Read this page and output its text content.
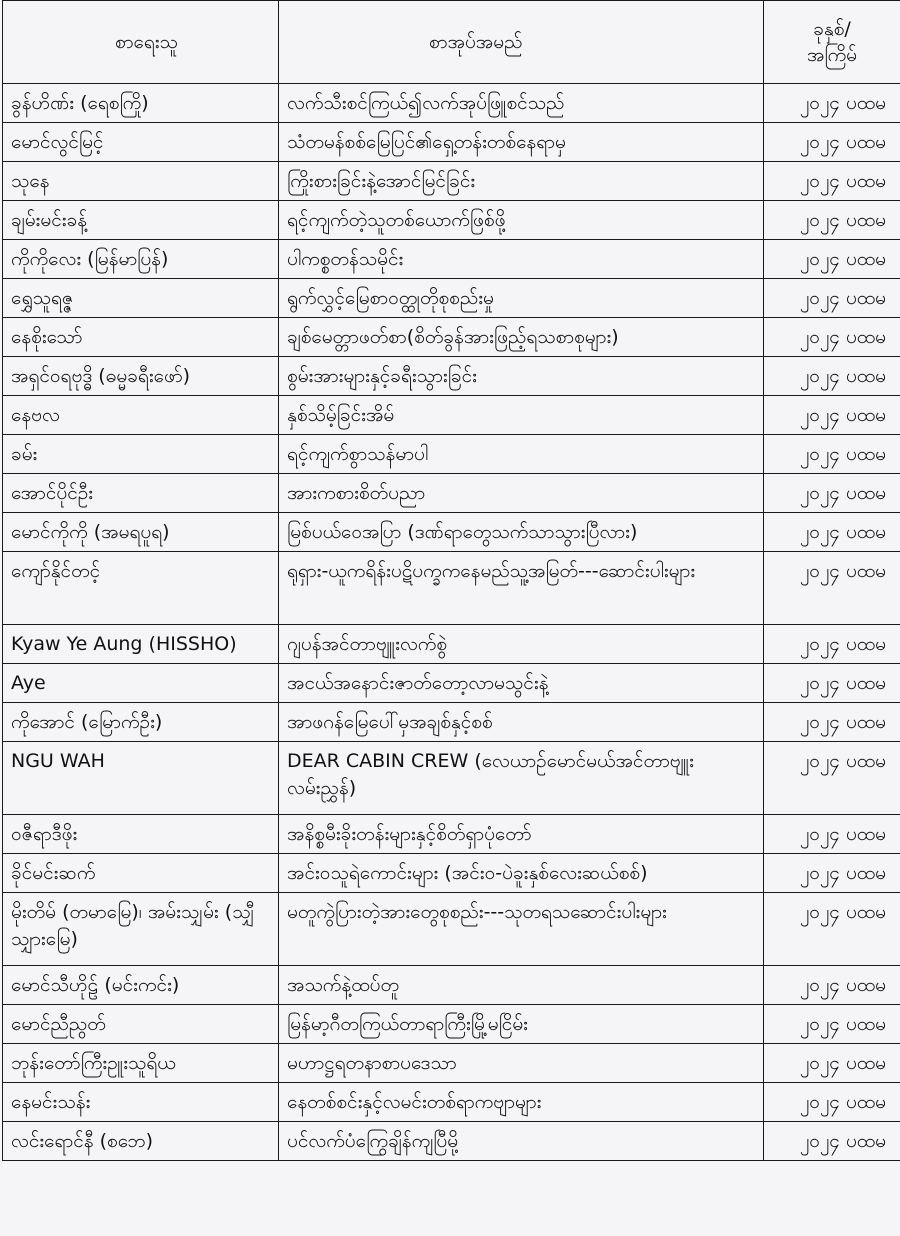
စာရေးသူ	စာအုပ်အမည်	ခုနှစ်/
အကြိမ်

ခွန်ဟိဏ်း (ရေစကြို)	လက်သီးစင်ကြယ်၍လက်အုပ်ဖြူစင်သည်	၂၀၂၄ ပထမ
မောင်လွင်မြင့်	သံတမန်စစ်မြေပြင်၏ရှေ့တန်းတစ်နေရာမှ	၂၀၂၄ ပထမ
သုနေ	ကြိုးစားခြင်းနဲ့အောင်မြင်ခြင်း	၂၀၂၄ ပထမ
ချမ်းမင်းခန့်	ရင့်ကျက်တဲ့သူတစ်ယောက်ဖြစ်ဖို့	၂၀၂၄ ပထမ
ကိုကိုလေး (မြန်မာပြန်)	ပါကစ္စတန်သမိုင်း	၂၀၂၄ ပထမ
ရွှေသူရဇ္ဇ	ရွက်လွှင့်မြေစာဝတ္ထုတိုစုစည်းမှု	၂၀၂၄ ပထမ
နေစိုးသော်	ချစ်မေတ္တာဖတ်စာ(စိတ်ခွန်အားဖြည့်ရသစာစုများ)	၂၀၂၄ ပထမ
အရှင်ဝရဗုဒ္ဓိ (ဓမ္မခရီးဖော်)	စွမ်းအားများနှင့်ခရီးသွားခြင်း	၂၀၂၄ ပထမ
နေဗလ	နှစ်သိမ့်ခြင်းအိမ်	၂၀၂၄ ပထမ
ခမ်း	ရင့်ကျက်စွာသန်မာပါ	၂၀၂၄ ပထမ
အောင်ပိုင်ဦး	အားကစားစိတ်ပညာ	၂၀၂၄ ပထမ
မောင်ကိုကို (အမရပူရ)	မြစ်ပယ်ဝေအပြာ (ဒဏ်ရာတွေသက်သာသွားပြီလား)	၂၀၂၄ ပထမ
ကျော်နိုင်တင့်	ရုရှား-ယူကရိန်းပဋိပက္ခကနေမည်သူ့အမြတ်---ဆောင်းပါးများ	၂၀၂၄ ပထမ
Kyaw Ye Aung (HISSHO)	ဂျပန်အင်တာဗျူးလက်စွဲ	၂၀၂၄ ပထမ
Aye	အငယ်အနောင်းဇာတ်တော့လာမသွင်းနဲ့	၂၀၂၄ ပထမ
ကိုအောင် (မြောက်ဦး)	အာဖဂန်မြေပေါ်မှအချစ်နှင့်စစ်	၂၀၂၄ ပထမ
NGU WAH	DEAR CABIN CREW (လေယာဉ်မောင်မယ်အင်တာဗျူးလမ်းညွှန်)	၂၀၂၄ ပထမ
ဝဇီရာဒီဖိုး	အနိစ္စမီးခိုးတန်းများနှင့်စိတ်ရှာပုံတော်	၂၀၂၄ ပထမ
ခိုင်မင်းဆက်	အင်းဝသူရဲကောင်းများ (အင်းဝ-ပဲခူးနှစ်လေးဆယ်စစ်)	၂၀၂၄ ပထမ
မိုးတိမ် (တမာမြေ)၊ အမ်းသျှမ်း (သျှီသျှားမြေ)	မတူကွဲပြားတဲ့အားတွေစုစည်း---သုတရသဆောင်းပါးများ	၂၀၂၄ ပထမ
မောင်သီဟိုဠ် (မင်းကင်း)	အသက်နဲ့ထပ်တူ	၂၀၂၄ ပထမ
မောင်ညီညွတ်	မြန်မာ့ဂီတကြယ်တာရာကြီးမြို့မငြိမ်း	၂၀၂၄ ပထမ
ဘုန်းတော်ကြီးဥူးသူရိယ	မဟာဋ္ဌရတနာစာပဒေသာ	၂၀၂၄ ပထမ
နေမင်းသန်း	နေတစ်စင်းနှင့်လမင်းတစ်ရာကဗျာများ	၂၀၂၄ ပထမ
လင်းရောင်နီ (စဘေ)	ပင်လက်ပံကြွေချိန်ကျပြီမို့	၂၀၂၄ ပထမ
